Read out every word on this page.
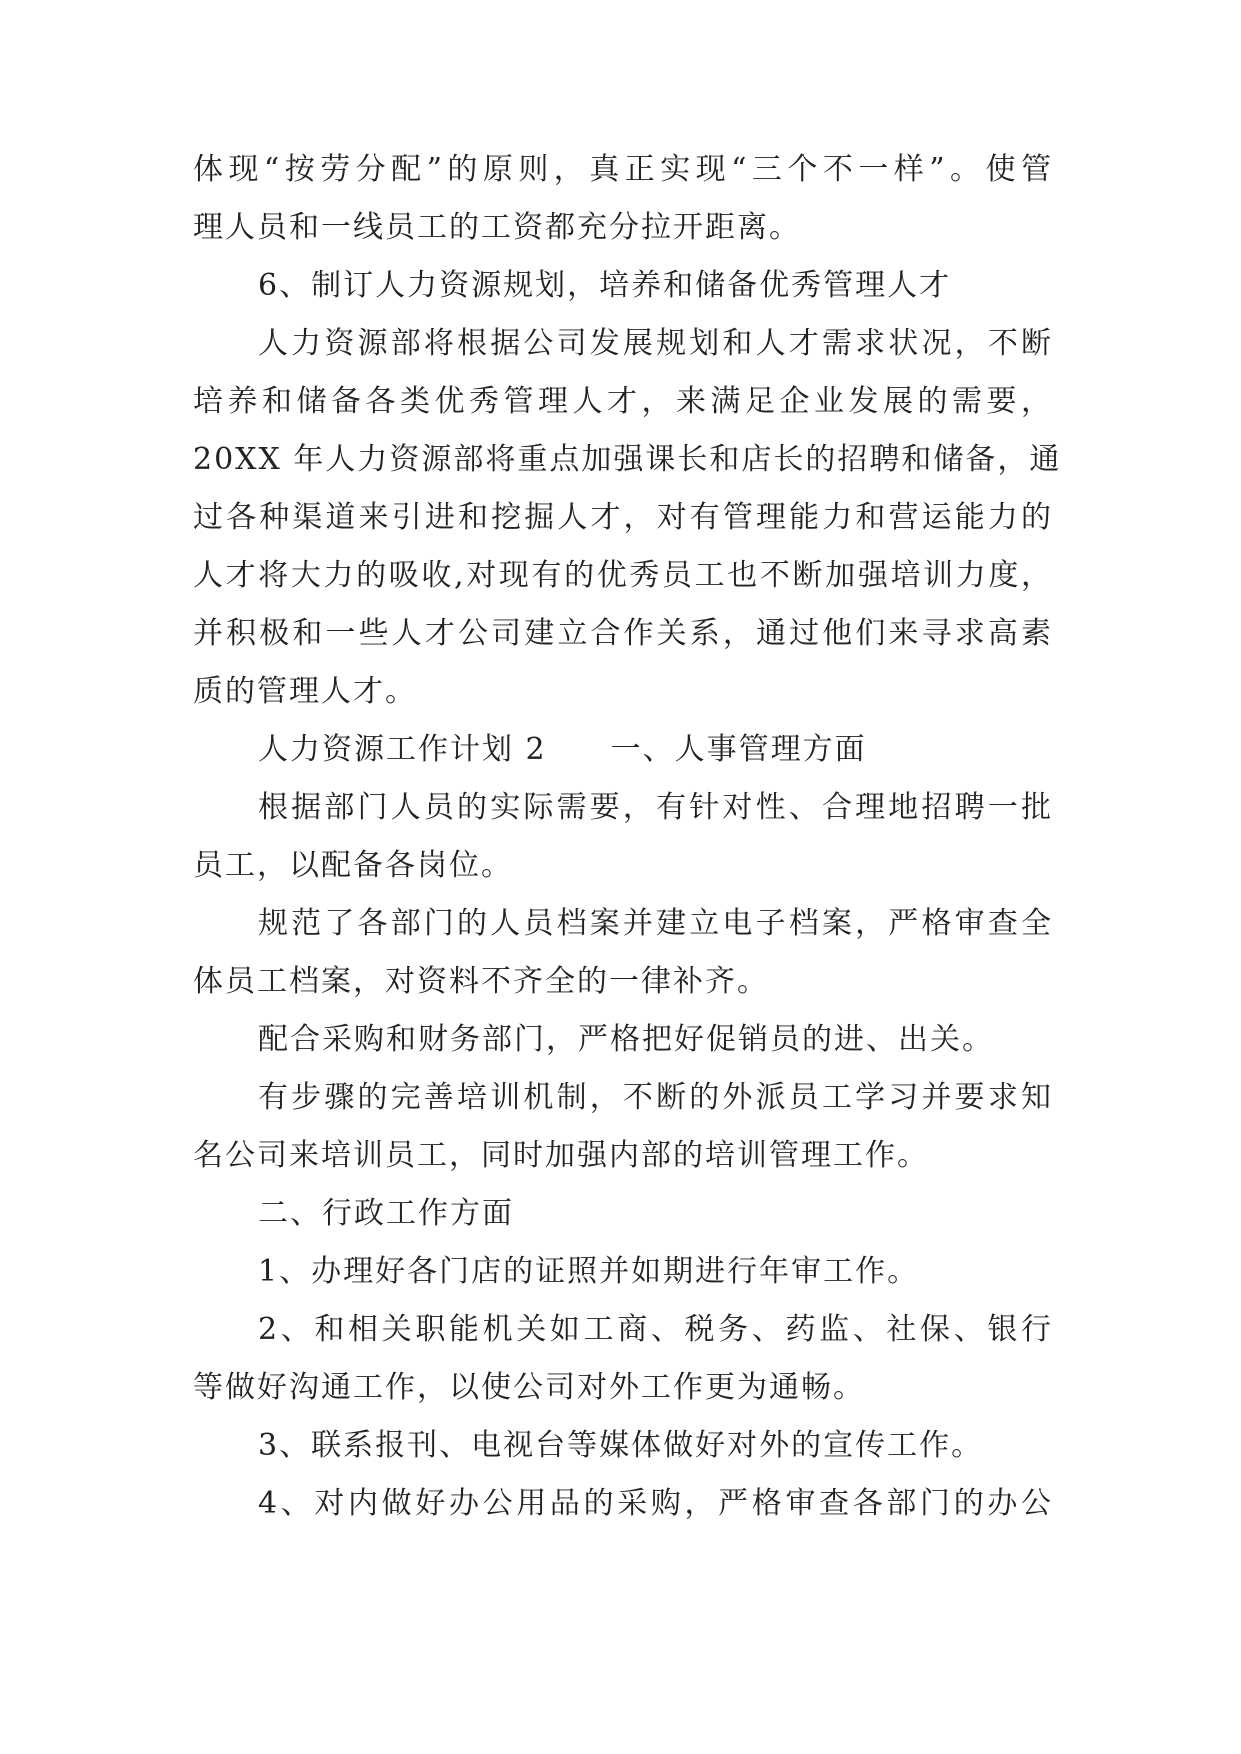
体现“按劳分配”的原则，真正实现“三个不一样”。使管
理人员和一线员工的工资都充分拉开距离。
6、制订人力资源规划，培养和储备优秀管理人才
人力资源部将根据公司发展规划和人才需求状况，不断
培养和储备各类优秀管理人才，来满足企业发展的需要，
20XX 年人力资源部将重点加强课长和店长的招聘和储备，通
过各种渠道来引进和挖掘人才，对有管理能力和营运能力的
人才将大力的吸收,对现有的优秀员工也不断加强培训力度，
并积极和一些人才公司建立合作关系，通过他们来寻求高素
质的管理人才。
人力资源工作计划 2　　一、人事管理方面
根据部门人员的实际需要，有针对性、合理地招聘一批
员工，以配备各岗位。
规范了各部门的人员档案并建立电子档案，严格审查全
体员工档案，对资料不齐全的一律补齐。
配合采购和财务部门，严格把好促销员的进、出关。
有步骤的完善培训机制，不断的外派员工学习并要求知
名公司来培训员工，同时加强内部的培训管理工作。
二、行政工作方面
1、办理好各门店的证照并如期进行年审工作。
2、和相关职能机关如工商、税务、药监、社保、银行
等做好沟通工作，以使公司对外工作更为通畅。
3、联系报刊、电视台等媒体做好对外的宣传工作。
4、对内做好办公用品的采购，严格审查各部门的办公
